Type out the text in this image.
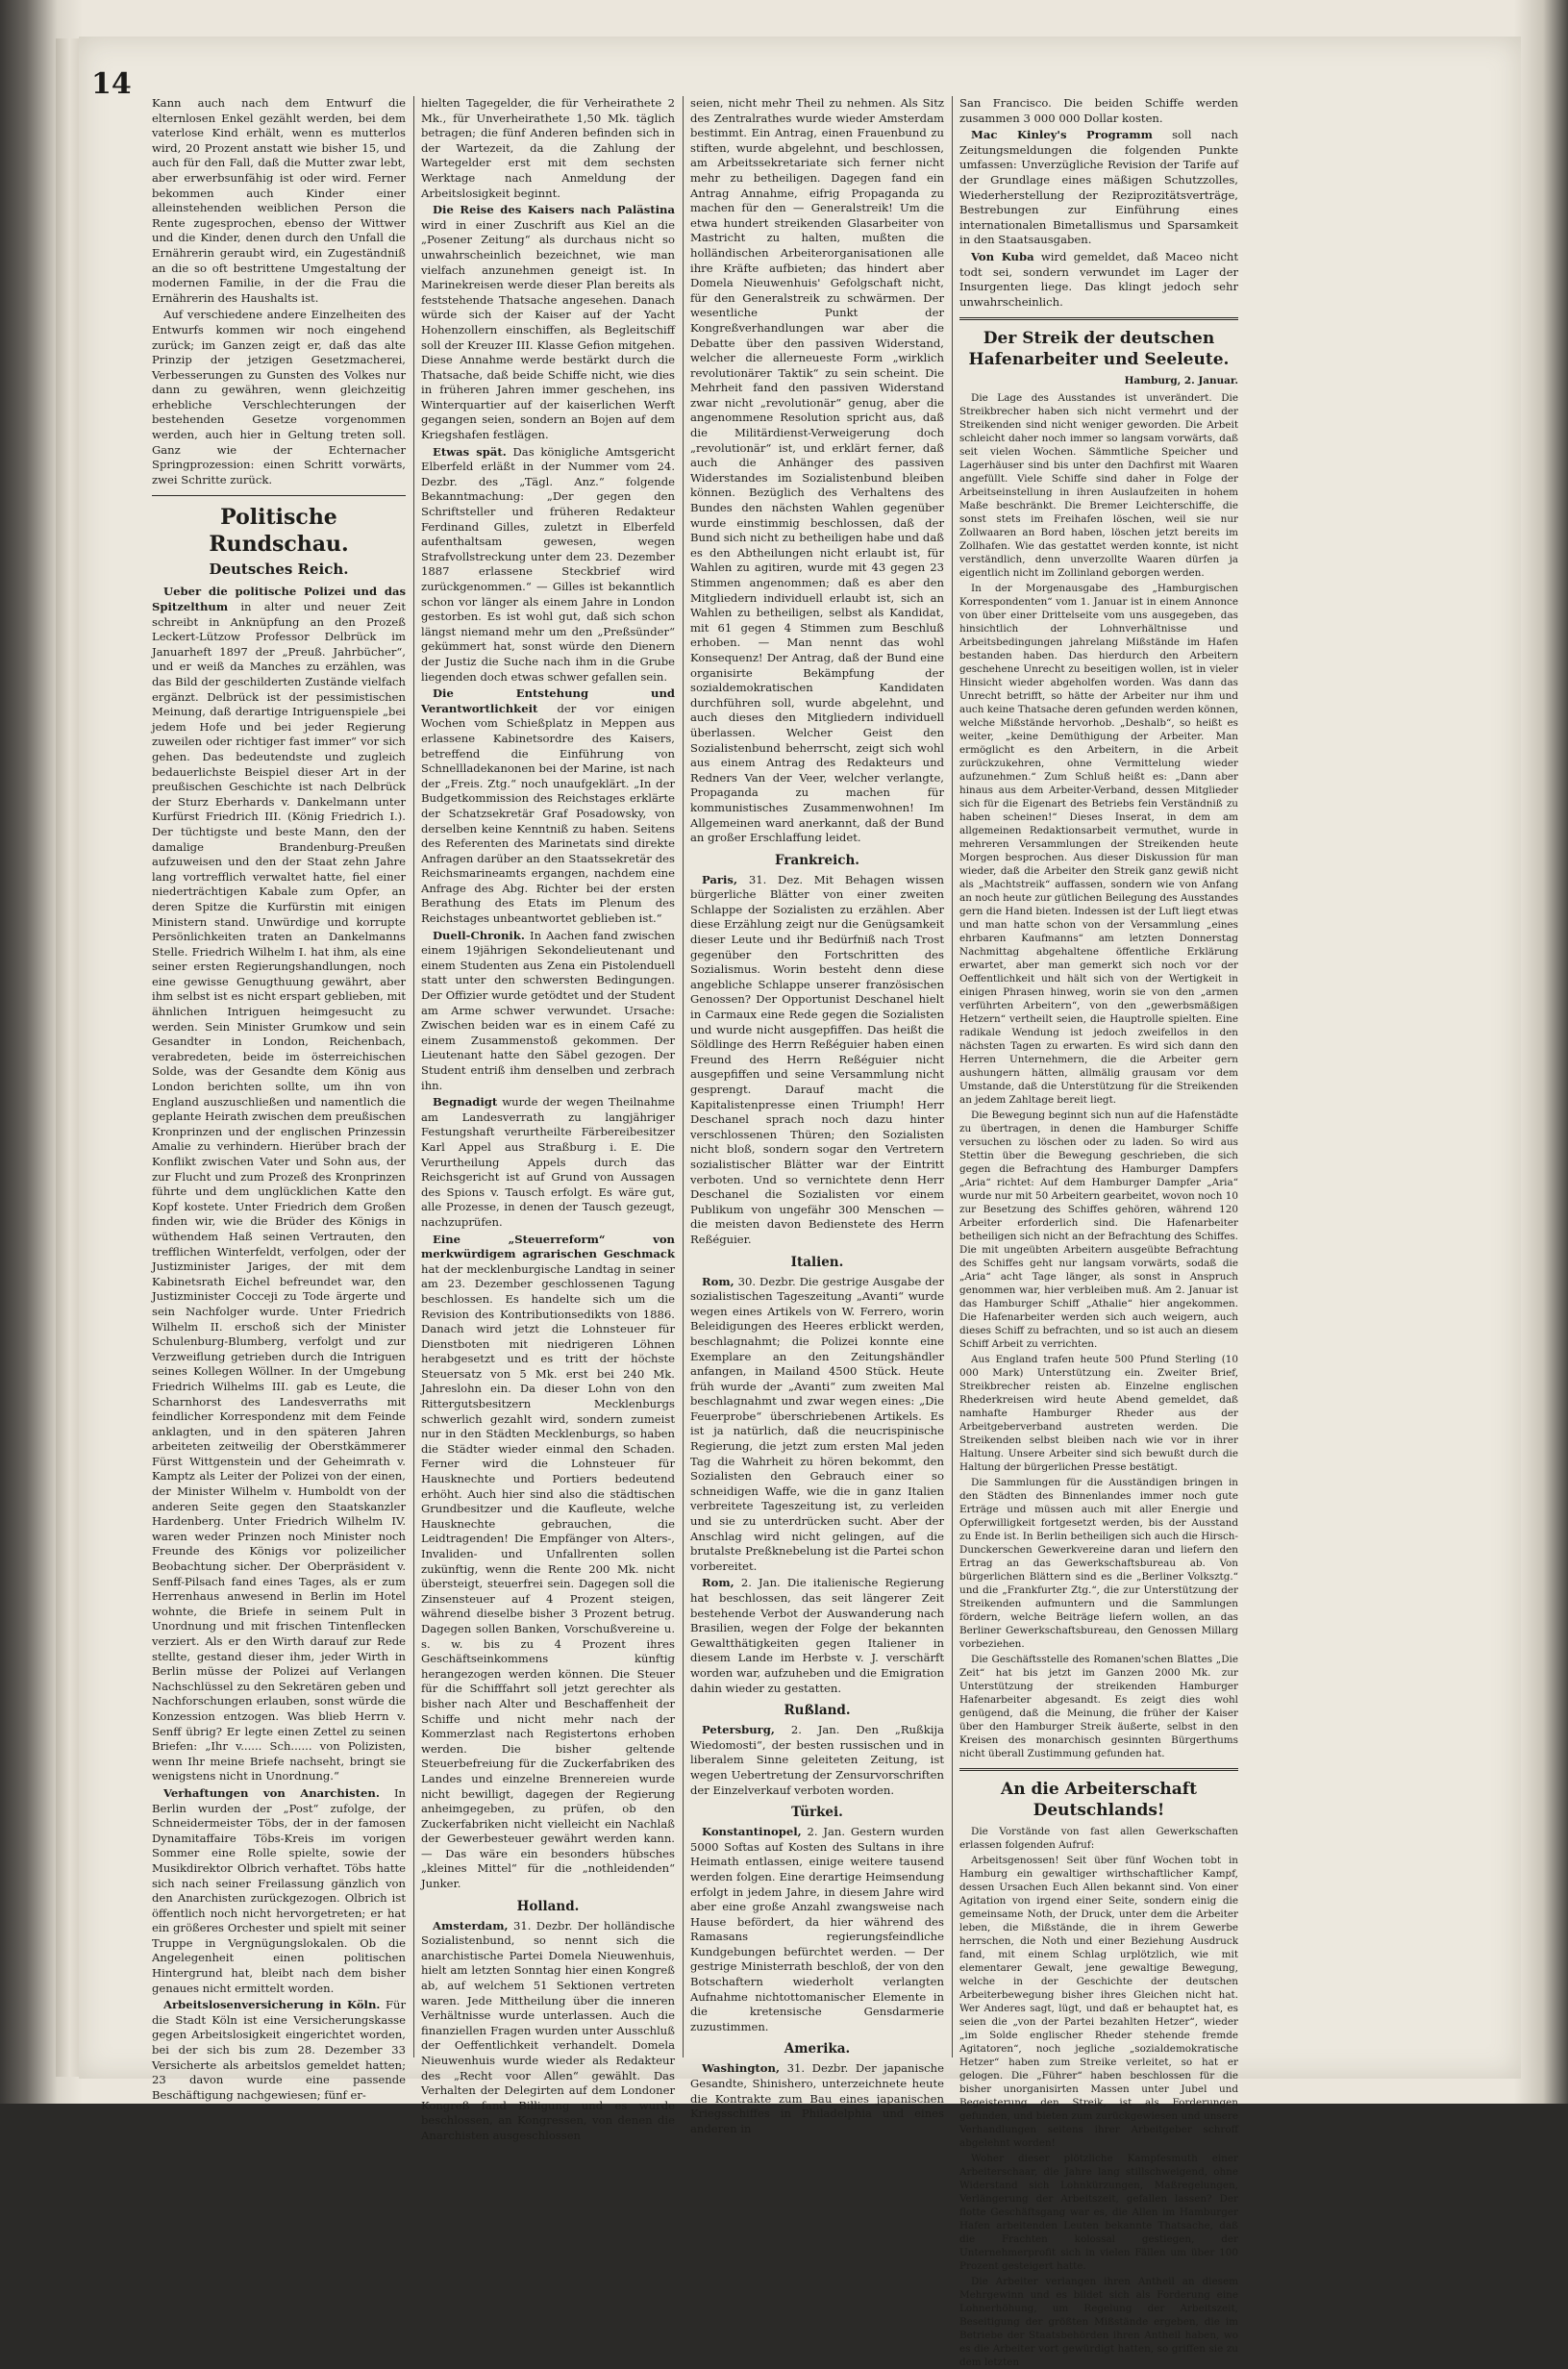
14

Kann auch nach dem Entwurf die elternlosen Enkel gezählt werden, bei dem vaterlose Kind erhält, wenn es mutterlos wird, 20 Prozent anstatt wie bisher 15, und auch für den Fall, daß die Mutter zwar lebt, aber erwerbsunfähig ist oder wird. Ferner bekommen auch Kinder einer alleinstehenden weiblichen Person die Rente zugesprochen, ebenso der Wittwer und die Kinder, denen durch den Unfall die Ernährerin geraubt wird, ein Zugeständniß an die so oft bestrittene Umgestaltung der modernen Familie, in der die Frau die Ernährerin des Haushalts ist.

Auf verschiedene andere Einzelheiten des Entwurfs kommen wir noch eingehend zurück; im Ganzen zeigt er, daß das alte Prinzip der jetzigen Gesetzmacherei, Verbesserungen zu Gunsten des Volkes nur dann zu gewähren, wenn gleichzeitig erhebliche Verschlechterungen der bestehenden Gesetze vorgenommen werden, auch hier in Geltung treten soll. Ganz wie der Echternacher Springprozession: einen Schritt vorwärts, zwei Schritte zurück.

Politische Rundschau.
Deutsches Reich.

Ueber die politische Polizei und das Spitzelthum in alter und neuer Zeit schreibt in Anknüpfung an den Prozeß Leckert-Lützow Professor Delbrück im Januarheft 1897 der „Preuß. Jahrbücher“, und er weiß da Manches zu erzählen, was das Bild der geschilderten Zustände vielfach ergänzt. Delbrück ist der pessimistischen Meinung, daß derartige Intriguenspiele „bei jedem Hofe und bei jeder Regierung zuweilen oder richtiger fast immer“ vor sich gehen. Das bedeutendste und zugleich bedauerlichste Beispiel dieser Art in der preußischen Geschichte ist nach Delbrück der Sturz Eberhards v. Dankelmann unter Kurfürst Friedrich III. (König Friedrich I.). Der tüchtigste und beste Mann, den der damalige Brandenburg-Preußen aufzuweisen und den der Staat zehn Jahre lang vortrefflich verwaltet hatte, fiel einer niederträchtigen Kabale zum Opfer, an deren Spitze die Kurfürstin mit einigen Ministern stand. Unwürdige und korrupte Persönlichkeiten traten an Dankelmanns Stelle. Friedrich Wilhelm I. hat ihm, als eine seiner ersten Regierungshandlungen, noch eine gewisse Genugthuung gewährt, aber ihm selbst ist es nicht erspart geblieben, mit ähnlichen Intriguen heimgesucht zu werden. Sein Minister Grumkow und sein Gesandter in London, Reichenbach, verabredeten, beide im österreichischen Solde, was der Gesandte dem König aus London berichten sollte, um ihn von England auszuschließen und namentlich die geplante Heirath zwischen dem preußischen Kronprinzen und der englischen Prinzessin Amalie zu verhindern. Hierüber brach der Konflikt zwischen Vater und Sohn aus, der zur Flucht und zum Prozeß des Kronprinzen führte und dem unglücklichen Katte den Kopf kostete. Unter Friedrich dem Großen finden wir, wie die Brüder des Königs in wüthendem Haß seinen Vertrauten, den trefflichen Winterfeldt, verfolgen, oder der Justizminister Jariges, der mit dem Kabinetsrath Eichel befreundet war, den Justizminister Cocceji zu Tode ärgerte und sein Nachfolger wurde. Unter Friedrich Wilhelm II. erschoß sich der Minister Schulenburg-Blumberg, verfolgt und zur Verzweiflung getrieben durch die Intriguen seines Kollegen Wöllner. In der Umgebung Friedrich Wilhelms III. gab es Leute, die Scharnhorst des Landesverraths mit feindlicher Korrespondenz mit dem Feinde anklagten, und in den späteren Jahren arbeiteten zeitweilig der Oberstkämmerer Fürst Wittgenstein und der Geheimrath v. Kamptz als Leiter der Polizei von der einen, der Minister Wilhelm v. Humboldt von der anderen Seite gegen den Staatskanzler Hardenberg. Unter Friedrich Wilhelm IV. waren weder Prinzen noch Minister noch Freunde des Königs vor polizeilicher Beobachtung sicher. Der Oberpräsident v. Senff-Pilsach fand eines Tages, als er zum Herrenhaus anwesend in Berlin im Hotel wohnte, die Briefe in seinem Pult in Unordnung und mit frischen Tintenflecken verziert. Als er den Wirth darauf zur Rede stellte, gestand dieser ihm, jeder Wirth in Berlin müsse der Polizei auf Verlangen Nachschlüssel zu den Sekretären geben und Nachforschungen erlauben, sonst würde die Konzession entzogen. Was blieb Herrn v. Senff übrig? Er legte einen Zettel zu seinen Briefen: „Ihr v...... Sch...... von Polizisten, wenn Ihr meine Briefe nachseht, bringt sie wenigstens nicht in Unordnung.“

Verhaftungen von Anarchisten. In Berlin wurden der „Post“ zufolge, der Schneidermeister Töbs, der in der famosen Dynamitaffaire Töbs-Kreis im vorigen Sommer eine Rolle spielte, sowie der Musikdirektor Olbrich verhaftet. Töbs hatte sich nach seiner Freilassung gänzlich von den Anarchisten zurückgezogen. Olbrich ist öffentlich noch nicht hervorgetreten; er hat ein größeres Orchester und spielt mit seiner Truppe in Vergnügungslokalen. Ob die Angelegenheit einen politischen Hintergrund hat, bleibt nach dem bisher genaues nicht ermittelt worden.

Arbeitslosenversicherung in Köln. Für die Stadt Köln ist eine Versicherungskasse gegen Arbeitslosigkeit eingerichtet worden, bei der sich bis zum 28. Dezember 33 Versicherte als arbeitslos gemeldet hatten; 23 davon wurde eine passende Beschäftigung nachgewiesen; fünf er-

hielten Tagegelder, die für Verheirathete 2 Mk., für Unverheirathete 1,50 Mk. täglich betragen; die fünf Anderen befinden sich in der Wartezeit, da die Zahlung der Wartegelder erst mit dem sechsten Werktage nach Anmeldung der Arbeitslosigkeit beginnt.

Die Reise des Kaisers nach Palästina wird in einer Zuschrift aus Kiel an die „Posener Zeitung“ als durchaus nicht so unwahrscheinlich bezeichnet, wie man vielfach anzunehmen geneigt ist. In Marinekreisen werde dieser Plan bereits als feststehende Thatsache angesehen. Danach würde sich der Kaiser auf der Yacht Hohenzollern einschiffen, als Begleitschiff soll der Kreuzer III. Klasse Gefion mitgehen. Diese Annahme werde bestärkt durch die Thatsache, daß beide Schiffe nicht, wie dies in früheren Jahren immer geschehen, ins Winterquartier auf der kaiserlichen Werft gegangen seien, sondern an Bojen auf dem Kriegshafen festlägen.

Etwas spät. Das königliche Amtsgericht Elberfeld erläßt in der Nummer vom 24. Dezbr. des „Tägl. Anz.“ folgende Bekanntmachung: „Der gegen den Schriftsteller und früheren Redakteur Ferdinand Gilles, zuletzt in Elberfeld aufenthaltsam gewesen, wegen Strafvollstreckung unter dem 23. Dezember 1887 erlassene Steckbrief wird zurückgenommen.“ — Gilles ist bekanntlich schon vor länger als einem Jahre in London gestorben. Es ist wohl gut, daß sich schon längst niemand mehr um den „Preßsünder“ gekümmert hat, sonst würde den Dienern der Justiz die Suche nach ihm in die Grube liegenden doch etwas schwer gefallen sein.

Die Entstehung und Verantwortlichkeit der vor einigen Wochen vom Schießplatz in Meppen aus erlassene Kabinetsordre des Kaisers, betreffend die Einführung von Schnellladekanonen bei der Marine, ist nach der „Freis. Ztg.“ noch unaufgeklärt. „In der Budgetkommission des Reichstages erklärte der Schatzsekretär Graf Posadowsky, von derselben keine Kenntniß zu haben. Seitens des Referenten des Marinetats sind direkte Anfragen darüber an den Staatssekretär des Reichsmarineamts ergangen, nachdem eine Anfrage des Abg. Richter bei der ersten Berathung des Etats im Plenum des Reichstages unbeantwortet geblieben ist.“

Duell-Chronik. In Aachen fand zwischen einem 19jährigen Sekondelieutenant und einem Studenten aus Zena ein Pistolenduell statt unter den schwersten Bedingungen. Der Offizier wurde getödtet und der Student am Arme schwer verwundet. Ursache: Zwischen beiden war es in einem Café zu einem Zusammenstoß gekommen. Der Lieutenant hatte den Säbel gezogen. Der Student entriß ihm denselben und zerbrach ihn.

Begnadigt wurde der wegen Theilnahme am Landesverrath zu langjähriger Festungshaft verurtheilte Färbereibesitzer Karl Appel aus Straßburg i. E. Die Verurtheilung Appels durch das Reichsgericht ist auf Grund von Aussagen des Spions v. Tausch erfolgt. Es wäre gut, alle Prozesse, in denen der Tausch gezeugt, nachzuprüfen.

Eine „Steuerreform“ von merkwürdigem agrarischen Geschmack hat der mecklenburgische Landtag in seiner am 23. Dezember geschlossenen Tagung beschlossen. Es handelte sich um die Revision des Kontributionsedikts von 1886. Danach wird jetzt die Lohnsteuer für Dienstboten mit niedrigeren Löhnen herabgesetzt und es tritt der höchste Steuersatz von 5 Mk. erst bei 240 Mk. Jahreslohn ein. Da dieser Lohn von den Rittergutsbesitzern Mecklenburgs schwerlich gezahlt wird, sondern zumeist nur in den Städten Mecklenburgs, so haben die Städter wieder einmal den Schaden. Ferner wird die Lohnsteuer für Hausknechte und Portiers bedeutend erhöht. Auch hier sind also die städtischen Grundbesitzer und die Kaufleute, welche Hausknechte gebrauchen, die Leidtragenden! Die Empfänger von Alters-, Invaliden- und Unfallrenten sollen zukünftig, wenn die Rente 200 Mk. nicht übersteigt, steuerfrei sein. Dagegen soll die Zinsensteuer auf 4 Prozent steigen, während dieselbe bisher 3 Prozent betrug. Dagegen sollen Banken, Vorschußvereine u. s. w. bis zu 4 Prozent ihres Geschäftseinkommens künftig herangezogen werden können. Die Steuer für die Schifffahrt soll jetzt gerechter als bisher nach Alter und Beschaffenheit der Schiffe und nicht mehr nach der Kommerzlast nach Registertons erhoben werden. Die bisher geltende Steuerbefreiung für die Zuckerfabriken des Landes und einzelne Brennereien wurde nicht bewilligt, dagegen der Regierung anheimgegeben, zu prüfen, ob den Zuckerfabriken nicht vielleicht ein Nachlaß der Gewerbesteuer gewährt werden kann. — Das wäre ein besonders hübsches „kleines Mittel“ für die „nothleidenden“ Junker.

Holland.

Amsterdam, 31. Dezbr. Der holländische Sozialistenbund, so nennt sich die anarchistische Partei Domela Nieuwenhuis, hielt am letzten Sonntag hier einen Kongreß ab, auf welchem 51 Sektionen vertreten waren. Jede Mittheilung über die inneren Verhältnisse wurde unterlassen. Auch die finanziellen Fragen wurden unter Ausschluß der Oeffentlichkeit verhandelt. Domela Nieuwenhuis wurde wieder als Redakteur des „Recht voor Allen“ gewählt. Das Verhalten der Delegirten auf dem Londoner Kongreß fand Billigung und es wurde beschlossen, an Kongressen, von denen die Anarchisten ausgeschlossen

seien, nicht mehr Theil zu nehmen. Als Sitz des Zentralrathes wurde wieder Amsterdam bestimmt. Ein Antrag, einen Frauenbund zu stiften, wurde abgelehnt, und beschlossen, am Arbeitssekretariate sich ferner nicht mehr zu betheiligen. Dagegen fand ein Antrag Annahme, eifrig Propaganda zu machen für den — Generalstreik! Um die etwa hundert streikenden Glasarbeiter von Mastricht zu halten, mußten die holländischen Arbeiterorganisationen alle ihre Kräfte aufbieten; das hindert aber Domela Nieuwenhuis' Gefolgschaft nicht, für den Generalstreik zu schwärmen. Der wesentliche Punkt der Kongreßverhandlungen war aber die Debatte über den passiven Widerstand, welcher die allerneueste Form „wirklich revolutionärer Taktik“ zu sein scheint. Die Mehrheit fand den passiven Widerstand zwar nicht „revolutionär“ genug, aber die angenommene Resolution spricht aus, daß die Militärdienst-Verweigerung doch „revolutionär“ ist, und erklärt ferner, daß auch die Anhänger des passiven Widerstandes im Sozialistenbund bleiben können. Bezüglich des Verhaltens des Bundes den nächsten Wahlen gegenüber wurde einstimmig beschlossen, daß der Bund sich nicht zu betheiligen habe und daß es den Abtheilungen nicht erlaubt ist, für Wahlen zu agitiren, wurde mit 43 gegen 23 Stimmen angenommen; daß es aber den Mitgliedern individuell erlaubt ist, sich an Wahlen zu betheiligen, selbst als Kandidat, mit 61 gegen 4 Stimmen zum Beschluß erhoben. — Man nennt das wohl Konsequenz! Der Antrag, daß der Bund eine organisirte Bekämpfung der sozialdemokratischen Kandidaten durchführen soll, wurde abgelehnt, und auch dieses den Mitgliedern individuell überlassen. Welcher Geist den Sozialistenbund beherrscht, zeigt sich wohl aus einem Antrag des Redakteurs und Redners Van der Veer, welcher verlangte, Propaganda zu machen für kommunistisches Zusammenwohnen! Im Allgemeinen ward anerkannt, daß der Bund an großer Erschlaffung leidet.

Frankreich.

Paris, 31. Dez. Mit Behagen wissen bürgerliche Blätter von einer zweiten Schlappe der Sozialisten zu erzählen. Aber diese Erzählung zeigt nur die Genügsamkeit dieser Leute und ihr Bedürfniß nach Trost gegenüber den Fortschritten des Sozialismus. Worin besteht denn diese angebliche Schlappe unserer französischen Genossen? Der Opportunist Deschanel hielt in Carmaux eine Rede gegen die Sozialisten und wurde nicht ausgepfiffen. Das heißt die Söldlinge des Herrn Reßéguier haben einen Freund des Herrn Reßéguier nicht ausgepfiffen und seine Versammlung nicht gesprengt. Darauf macht die Kapitalistenpresse einen Triumph! Herr Deschanel sprach noch dazu hinter verschlossenen Thüren; den Sozialisten nicht bloß, sondern sogar den Vertretern sozialistischer Blätter war der Eintritt verboten. Und so vernichtete denn Herr Deschanel die Sozialisten vor einem Publikum von ungefähr 300 Menschen — die meisten davon Bedienstete des Herrn Reßéguier.

Italien.

Rom, 30. Dezbr. Die gestrige Ausgabe der sozialistischen Tageszeitung „Avanti“ wurde wegen eines Artikels von W. Ferrero, worin Beleidigungen des Heeres erblickt werden, beschlagnahmt; die Polizei konnte eine Exemplare an den Zeitungshändler anfangen, in Mailand 4500 Stück. Heute früh wurde der „Avanti“ zum zweiten Mal beschlagnahmt und zwar wegen eines: „Die Feuerprobe“ überschriebenen Artikels. Es ist ja natürlich, daß die neucrispinische Regierung, die jetzt zum ersten Mal jeden Tag die Wahrheit zu hören bekommt, den Sozialisten den Gebrauch einer so schneidigen Waffe, wie die in ganz Italien verbreitete Tageszeitung ist, zu verleiden und sie zu unterdrücken sucht. Aber der Anschlag wird nicht gelingen, auf die brutalste Preßknebelung ist die Partei schon vorbereitet.

Rom, 2. Jan. Die italienische Regierung hat beschlossen, das seit längerer Zeit bestehende Verbot der Auswanderung nach Brasilien, wegen der Folge der bekannten Gewaltthätigkeiten gegen Italiener in diesem Lande im Herbste v. J. verschärft worden war, aufzuheben und die Emigration dahin wieder zu gestatten.

Rußland.

Petersburg, 2. Jan. Den „Rußkija Wiedomosti“, der besten russischen und in liberalem Sinne geleiteten Zeitung, ist wegen Uebertretung der Zensurvorschriften der Einzelverkauf verboten worden.

Türkei.

Konstantinopel, 2. Jan. Gestern wurden 5000 Softas auf Kosten des Sultans in ihre Heimath entlassen, einige weitere tausend werden folgen. Eine derartige Heimsendung erfolgt in jedem Jahre, in diesem Jahre wird aber eine große Anzahl zwangsweise nach Hause befördert, da hier während des Ramasans regierungsfeindliche Kundgebungen befürchtet werden. — Der gestrige Ministerrath beschloß, der von den Botschaftern wiederholt verlangten Aufnahme nichtottomanischer Elemente in die kretensische Gensdarmerie zuzustimmen.

Amerika.

Washington, 31. Dezbr. Der japanische Gesandte, Shinishero, unterzeichnete heute die Kontrakte zum Bau eines japanischen Kriegsschiffes in Philadelphia und eines anderen in

San Francisco. Die beiden Schiffe werden zusammen 3 000 000 Dollar kosten.

Mac Kinley's Programm soll nach Zeitungsmeldungen die folgenden Punkte umfassen: Unverzügliche Revision der Tarife auf der Grundlage eines mäßigen Schutzzolles, Wiederherstellung der Reziprozitätsverträge, Bestrebungen zur Einführung eines internationalen Bimetallismus und Sparsamkeit in den Staatsausgaben.

Von Kuba wird gemeldet, daß Maceo nicht todt sei, sondern verwundet im Lager der Insurgenten liege. Das klingt jedoch sehr unwahrscheinlich.

Der Streik der deutschen Hafenarbeiter und Seeleute.
Hamburg, 2. Januar.

Die Lage des Ausstandes ist unverändert. Die Streikbrecher haben sich nicht vermehrt und der Streikenden sind nicht weniger geworden. Die Arbeit schleicht daher noch immer so langsam vorwärts, daß seit vielen Wochen. Sämmtliche Speicher und Lagerhäuser sind bis unter den Dachfirst mit Waaren angefüllt. Viele Schiffe sind daher in Folge der Arbeitseinstellung in ihren Auslaufzeiten in hohem Maße beschränkt. Die Bremer Leichterschiffe, die sonst stets im Freihafen löschen, weil sie nur Zollwaaren an Bord haben, löschen jetzt bereits im Zollhafen. Wie das gestattet werden konnte, ist nicht verständlich, denn unverzollte Waaren dürfen ja eigentlich nicht im Zollinland geborgen werden.

In der Morgenausgabe des „Hamburgischen Korrespondenten“ vom 1. Januar ist in einem Annonce von über einer Drittelseite vom uns ausgegeben, das hinsichtlich der Lohnverhältnisse und Arbeitsbedingungen jahrelang Mißstände im Hafen bestanden haben. Das hierdurch den Arbeitern geschehene Unrecht zu beseitigen wollen, ist in vieler Hinsicht wieder abgeholfen worden. Was dann das Unrecht betrifft, so hätte der Arbeiter nur ihm und auch keine Thatsache deren gefunden werden können, welche Mißstände hervorhob. „Deshalb“, so heißt es weiter, „keine Demüthigung der Arbeiter. Man ermöglicht es den Arbeitern, in die Arbeit zurückzukehren, ohne Vermittelung wieder aufzunehmen.“ Zum Schluß heißt es: „Dann aber hinaus aus dem Arbeiter-Verband, dessen Mitglieder sich für die Eigenart des Betriebs fein Verständniß zu haben scheinen!“ Dieses Inserat, in dem am allgemeinen Redaktionsarbeit vermuthet, wurde in mehreren Versammlungen der Streikenden heute Morgen besprochen. Aus dieser Diskussion für man wieder, daß die Arbeiter den Streik ganz gewiß nicht als „Machtstreik“ auffassen, sondern wie von Anfang an noch heute zur gütlichen Beilegung des Ausstandes gern die Hand bieten. Indessen ist der Luft liegt etwas und man hatte schon von der Versammlung „eines ehrbaren Kaufmanns“ am letzten Donnerstag Nachmittag abgehaltene öffentliche Erklärung erwartet, aber man gemerkt sich noch vor der Oeffentlichkeit und hält sich von der Wertigkeit in einigen Phrasen hinweg, worin sie von den „armen verführten Arbeitern“, von den „gewerbsmäßigen Hetzern“ vertheilt seien, die Hauptrolle spielten. Eine radikale Wendung ist jedoch zweifellos in den nächsten Tagen zu erwarten. Es wird sich dann den Herren Unternehmern, die die Arbeiter gern aushungern hätten, allmälig grausam vor dem Umstande, daß die Unterstützung für die Streikenden an jedem Zahltage bereit liegt.

Die Bewegung beginnt sich nun auf die Hafenstädte zu übertragen, in denen die Hamburger Schiffe versuchen zu löschen oder zu laden. So wird aus Stettin über die Bewegung geschrieben, die sich gegen die Befrachtung des Hamburger Dampfers „Aria“ richtet: Auf dem Hamburger Dampfer „Aria“ wurde nur mit 50 Arbeitern gearbeitet, wovon noch 10 zur Besetzung des Schiffes gehören, während 120 Arbeiter erforderlich sind. Die Hafenarbeiter betheiligen sich nicht an der Befrachtung des Schiffes. Die mit ungeübten Arbeitern ausgeübte Befrachtung des Schiffes geht nur langsam vorwärts, sodaß die „Aria“ acht Tage länger, als sonst in Anspruch genommen war, hier verbleiben muß. Am 2. Januar ist das Hamburger Schiff „Athalie“ hier angekommen. Die Hafenarbeiter werden sich auch weigern, auch dieses Schiff zu befrachten, und so ist auch an diesem Schiff Arbeit zu verrichten.

Aus England trafen heute 500 Pfund Sterling (10 000 Mark) Unterstützung ein. Zweiter Brief, Streikbrecher reisten ab. Einzelne englischen Rhederkreisen wird heute Abend gemeldet, daß namhafte Hamburger Rheder aus der Arbeitgeberverband austreten werden. Die Streikenden selbst bleiben nach wie vor in ihrer Haltung. Unsere Arbeiter sind sich bewußt durch die Haltung der bürgerlichen Presse bestätigt.

Die Sammlungen für die Ausständigen bringen in den Städten des Binnenlandes immer noch gute Erträge und müssen auch mit aller Energie und Opferwilligkeit fortgesetzt werden, bis der Ausstand zu Ende ist. In Berlin betheiligen sich auch die Hirsch-Dunckerschen Gewerkvereine daran und liefern den Ertrag an das Gewerkschaftsbureau ab. Von bürgerlichen Blättern sind es die „Berliner Volksztg.“ und die „Frankfurter Ztg.“, die zur Unterstützung der Streikenden aufmuntern und die Sammlungen fördern, welche Beiträge liefern wollen, an das Berliner Gewerkschaftsbureau, den Genossen Millarg vorbeziehen.

Die Geschäftsstelle des Romanen'schen Blattes „Die Zeit“ hat bis jetzt im Ganzen 2000 Mk. zur Unterstützung der streikenden Hamburger Hafenarbeiter abgesandt. Es zeigt dies wohl genügend, daß die Meinung, die früher der Kaiser über den Hamburger Streik äußerte, selbst in den Kreisen des monarchisch gesinnten Bürgerthums nicht überall Zustimmung gefunden hat.

An die Arbeiterschaft Deutschlands!

Die Vorstände von fast allen Gewerkschaften erlassen folgenden Aufruf:

Arbeitsgenossen! Seit über fünf Wochen tobt in Hamburg ein gewaltiger wirthschaftlicher Kampf, dessen Ursachen Euch Allen bekannt sind. Von einer Agitation von irgend einer Seite, sondern einig die gemeinsame Noth, der Druck, unter dem die Arbeiter leben, die Mißstände, die in ihrem Gewerbe herrschen, die Noth und einer Beziehung Ausdruck fand, mit einem Schlag urplötzlich, wie mit elementarer Gewalt, jene gewaltige Bewegung, welche in der Geschichte der deutschen Arbeiterbewegung bisher ihres Gleichen nicht hat. Wer Anderes sagt, lügt, und daß er behauptet hat, es seien die „von der Partei bezahlten Hetzer“, wieder „im Solde englischer Rheder stehende fremde Agitatoren“, noch jegliche „sozialdemokratische Hetzer“ haben zum Streike verleitet, so hat er gelogen. Die „Führer“ haben beschlossen für die bisher unorganisirten Massen unter Jubel und Begeisterung den Streik, ist als Forderungen gefunden, und bieten zum zurückgewiesen und unsere Verhandlungen seitens ihrer Arbeitgeber schroff abgelehnt worden!

Woher dieser plötzliche Kampfesmuth einer Arbeiterschaar, die Jahre lang stillschweigend, ohne Widerstand sich Lohnkürzungen, Maßregelungen, Verlängerung der Arbeitszeit, gefallen lassen? Der flotte Geschäftsgang war es, die Allen im Hamburger Hafen arbeitenden Leuten bekannte Thatsache, daß die Frachten kolossal gestiegen, der Unternehmerprofit sich in vielen Fällen um über 100 Prozent gesteigert hatte.

Die Arbeiter verlangen ihren Antheil an diesem Mehrgewinn und es bildet sich als Forderung eine Lohnerhöhung, um Regelung der Arbeitszeit, Beseitigung der größten Mißstände ergeben, die im Betriebe der Staatsbehörden ihren Antheil haben, wo es die Arbeiter vort gewürdigt hatten, so griffen sie zu dem letzten
